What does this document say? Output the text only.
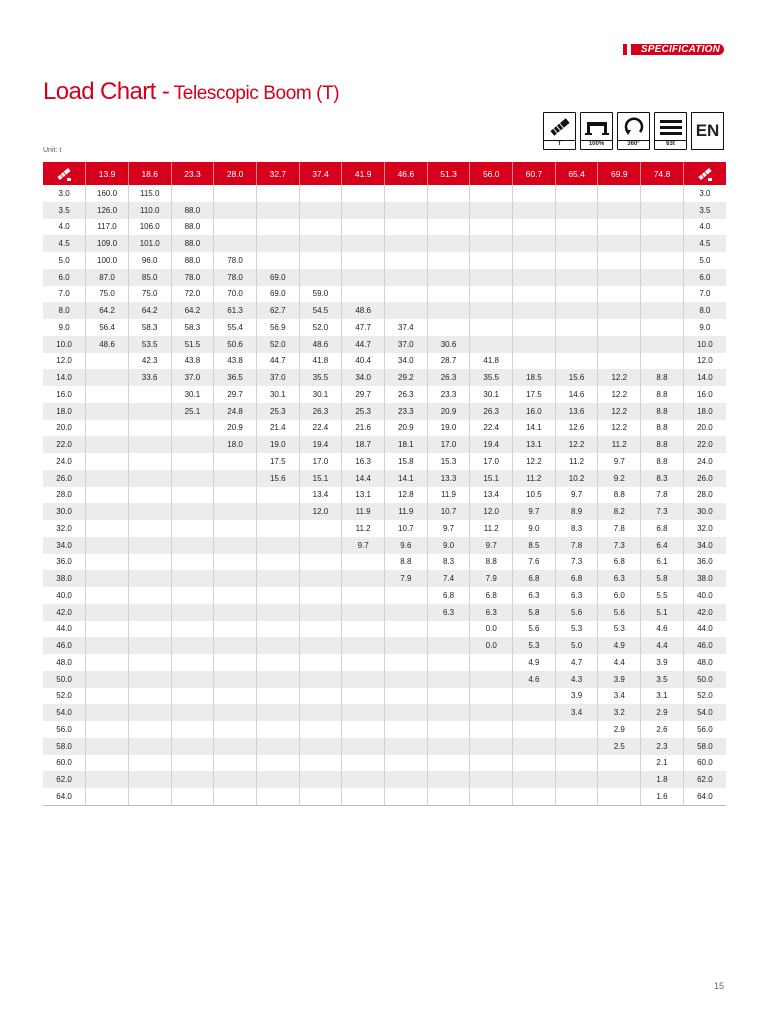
SPECIFICATION
Load Chart - Telescopic Boom (T)
T	100%	360°	63t
EN
Unit: t
	13.9	18.6	23.3	28.0	32.7	37.4	41.9	46.6	51.3	56.0	60.7	65.4	69.9	74.8	
3.0	160.0	115.0													3.0
3.5	126.0	110.0	88.0												3.5
4.0	117.0	106.0	88.0												4.0
4.5	109.0	101.0	88.0												4.5
5.0	100.0	96.0	88.0	78.0											5.0
6.0	87.0	85.0	78.0	78.0	69.0										6.0
7.0	75.0	75.0	72.0	70.0	69.0	59.0									7.0
8.0	64.2	64.2	64.2	61.3	62.7	54.5	48.6								8.0
9.0	56.4	58.3	58.3	55.4	56.9	52.0	47.7	37.4							9.0
10.0	48.6	53.5	51.5	50.6	52.0	48.6	44.7	37.0	30.6						10.0
12.0		42.3	43.8	43.8	44.7	41.8	40.4	34.0	28.7	41.8					12.0
14.0		33.6	37.0	36.5	37.0	35.5	34.0	29.2	26.3	35.5	18.5	15.6	12.2	8.8	14.0
16.0			30.1	29.7	30.1	30.1	29.7	26.3	23.3	30.1	17.5	14.6	12.2	8.8	16.0
18.0			25.1	24.8	25.3	26.3	25.3	23.3	20.9	26.3	16.0	13.6	12.2	8.8	18.0
20.0				20.9	21.4	22.4	21.6	20.9	19.0	22.4	14.1	12.6	12.2	8.8	20.0
22.0				18.0	19.0	19.4	18.7	18.1	17.0	19.4	13.1	12.2	11.2	8.8	22.0
24.0					17.5	17.0	16.3	15.8	15.3	17.0	12.2	11.2	9.7	8.8	24.0
26.0					15.6	15.1	14.4	14.1	13.3	15.1	11.2	10.2	9.2	8.3	26.0
28.0						13.4	13.1	12.8	11.9	13.4	10.5	9.7	8.8	7.8	28.0
30.0						12.0	11.9	11.9	10.7	12.0	9.7	8.9	8.2	7.3	30.0
32.0							11.2	10.7	9.7	11.2	9.0	8.3	7.8	6.8	32.0
34.0							9.7	9.6	9.0	9.7	8.5	7.8	7.3	6.4	34.0
36.0								8.8	8.3	8.8	7.6	7.3	6.8	6.1	36.0
38.0								7.9	7.4	7.9	6.8	6.8	6.3	5.8	38.0
40.0									6.8	6.8	6.3	6.3	6.0	5.5	40.0
42.0									6.3	6.3	5.8	5.6	5.6	5.1	42.0
44.0										0.0	5.6	5.3	5.3	4.6	44.0
46.0										0.0	5.3	5.0	4.9	4.4	46.0
48.0											4.9	4.7	4.4	3.9	48.0
50.0											4.6	4.3	3.9	3.5	50.0
52.0												3.9	3.4	3.1	52.0
54.0												3.4	3.2	2.9	54.0
56.0													2.9	2.6	56.0
58.0													2.5	2.3	58.0
60.0														2.1	60.0
62.0														1.8	62.0
64.0														1.6	64.0
15
